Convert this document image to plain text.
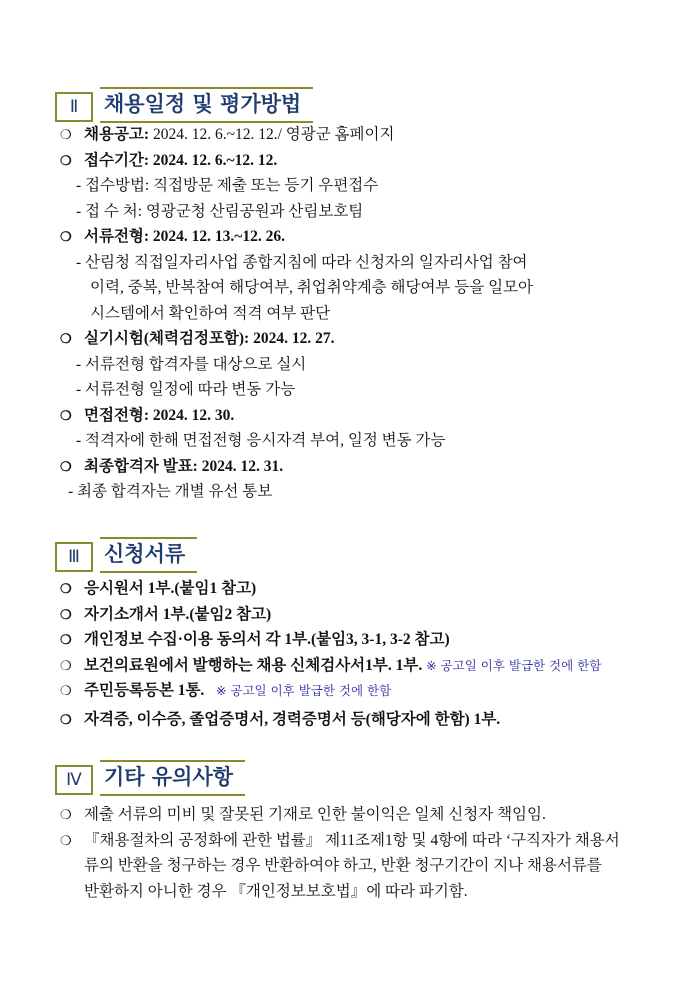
Ⅱ	채용일정 및 평가방법
❍ 채용공고: 2024. 12. 6.~12. 12./ 영광군 홈페이지
❍ 접수기간: 2024. 12. 6.~12. 12.
- 접수방법: 직접방문 제출 또는 등기 우편접수
- 접 수 처: 영광군청 산림공원과 산림보호팀
❍ 서류전형: 2024. 12. 13.~12. 26.
- 산림청 직접일자리사업 종합지침에 따라 신청자의 일자리사업 참여
이력, 중복, 반복참여 해당여부, 취업취약계층 해당여부 등을 일모아
시스템에서 확인하여 적격 여부 판단
❍ 실기시험(체력검정포함): 2024. 12. 27.
- 서류전형 합격자를 대상으로 실시
- 서류전형 일정에 따라 변동 가능
❍ 면접전형: 2024. 12. 30.
- 적격자에 한해 면접전형 응시자격 부여, 일정 변동 가능
❍ 최종합격자 발표: 2024. 12. 31.
- 최종 합격자는 개별 유선 통보
Ⅲ	신청서류
❍ 응시원서 1부.(붙임1 참고)
❍ 자기소개서 1부.(붙임2 참고)
❍ 개인정보 수집·이용 동의서 각 1부.(붙임3, 3-1, 3-2 참고)
❍ 보건의료원에서 발행하는 채용 신체검사서1부. 1부. ※ 공고일 이후 발급한 것에 한함
❍ 주민등록등본 1통. ※ 공고일 이후 발급한 것에 한함
❍ 자격증, 이수증, 졸업증명서, 경력증명서 등(해당자에 한함) 1부.
Ⅳ	기타 유의사항
❍ 제출 서류의 미비 및 잘못된 기재로 인한 불이익은 일체 신청자 책임임.
❍ 『채용절차의 공정화에 관한 법률』 제11조제1항 및 4항에 따라 ‘구직자가 채용서
류의 반환을 청구하는 경우 반환하여야 하고, 반환 청구기간이 지나 채용서류를
반환하지 아니한 경우 『개인정보보호법』에 따라 파기함.
